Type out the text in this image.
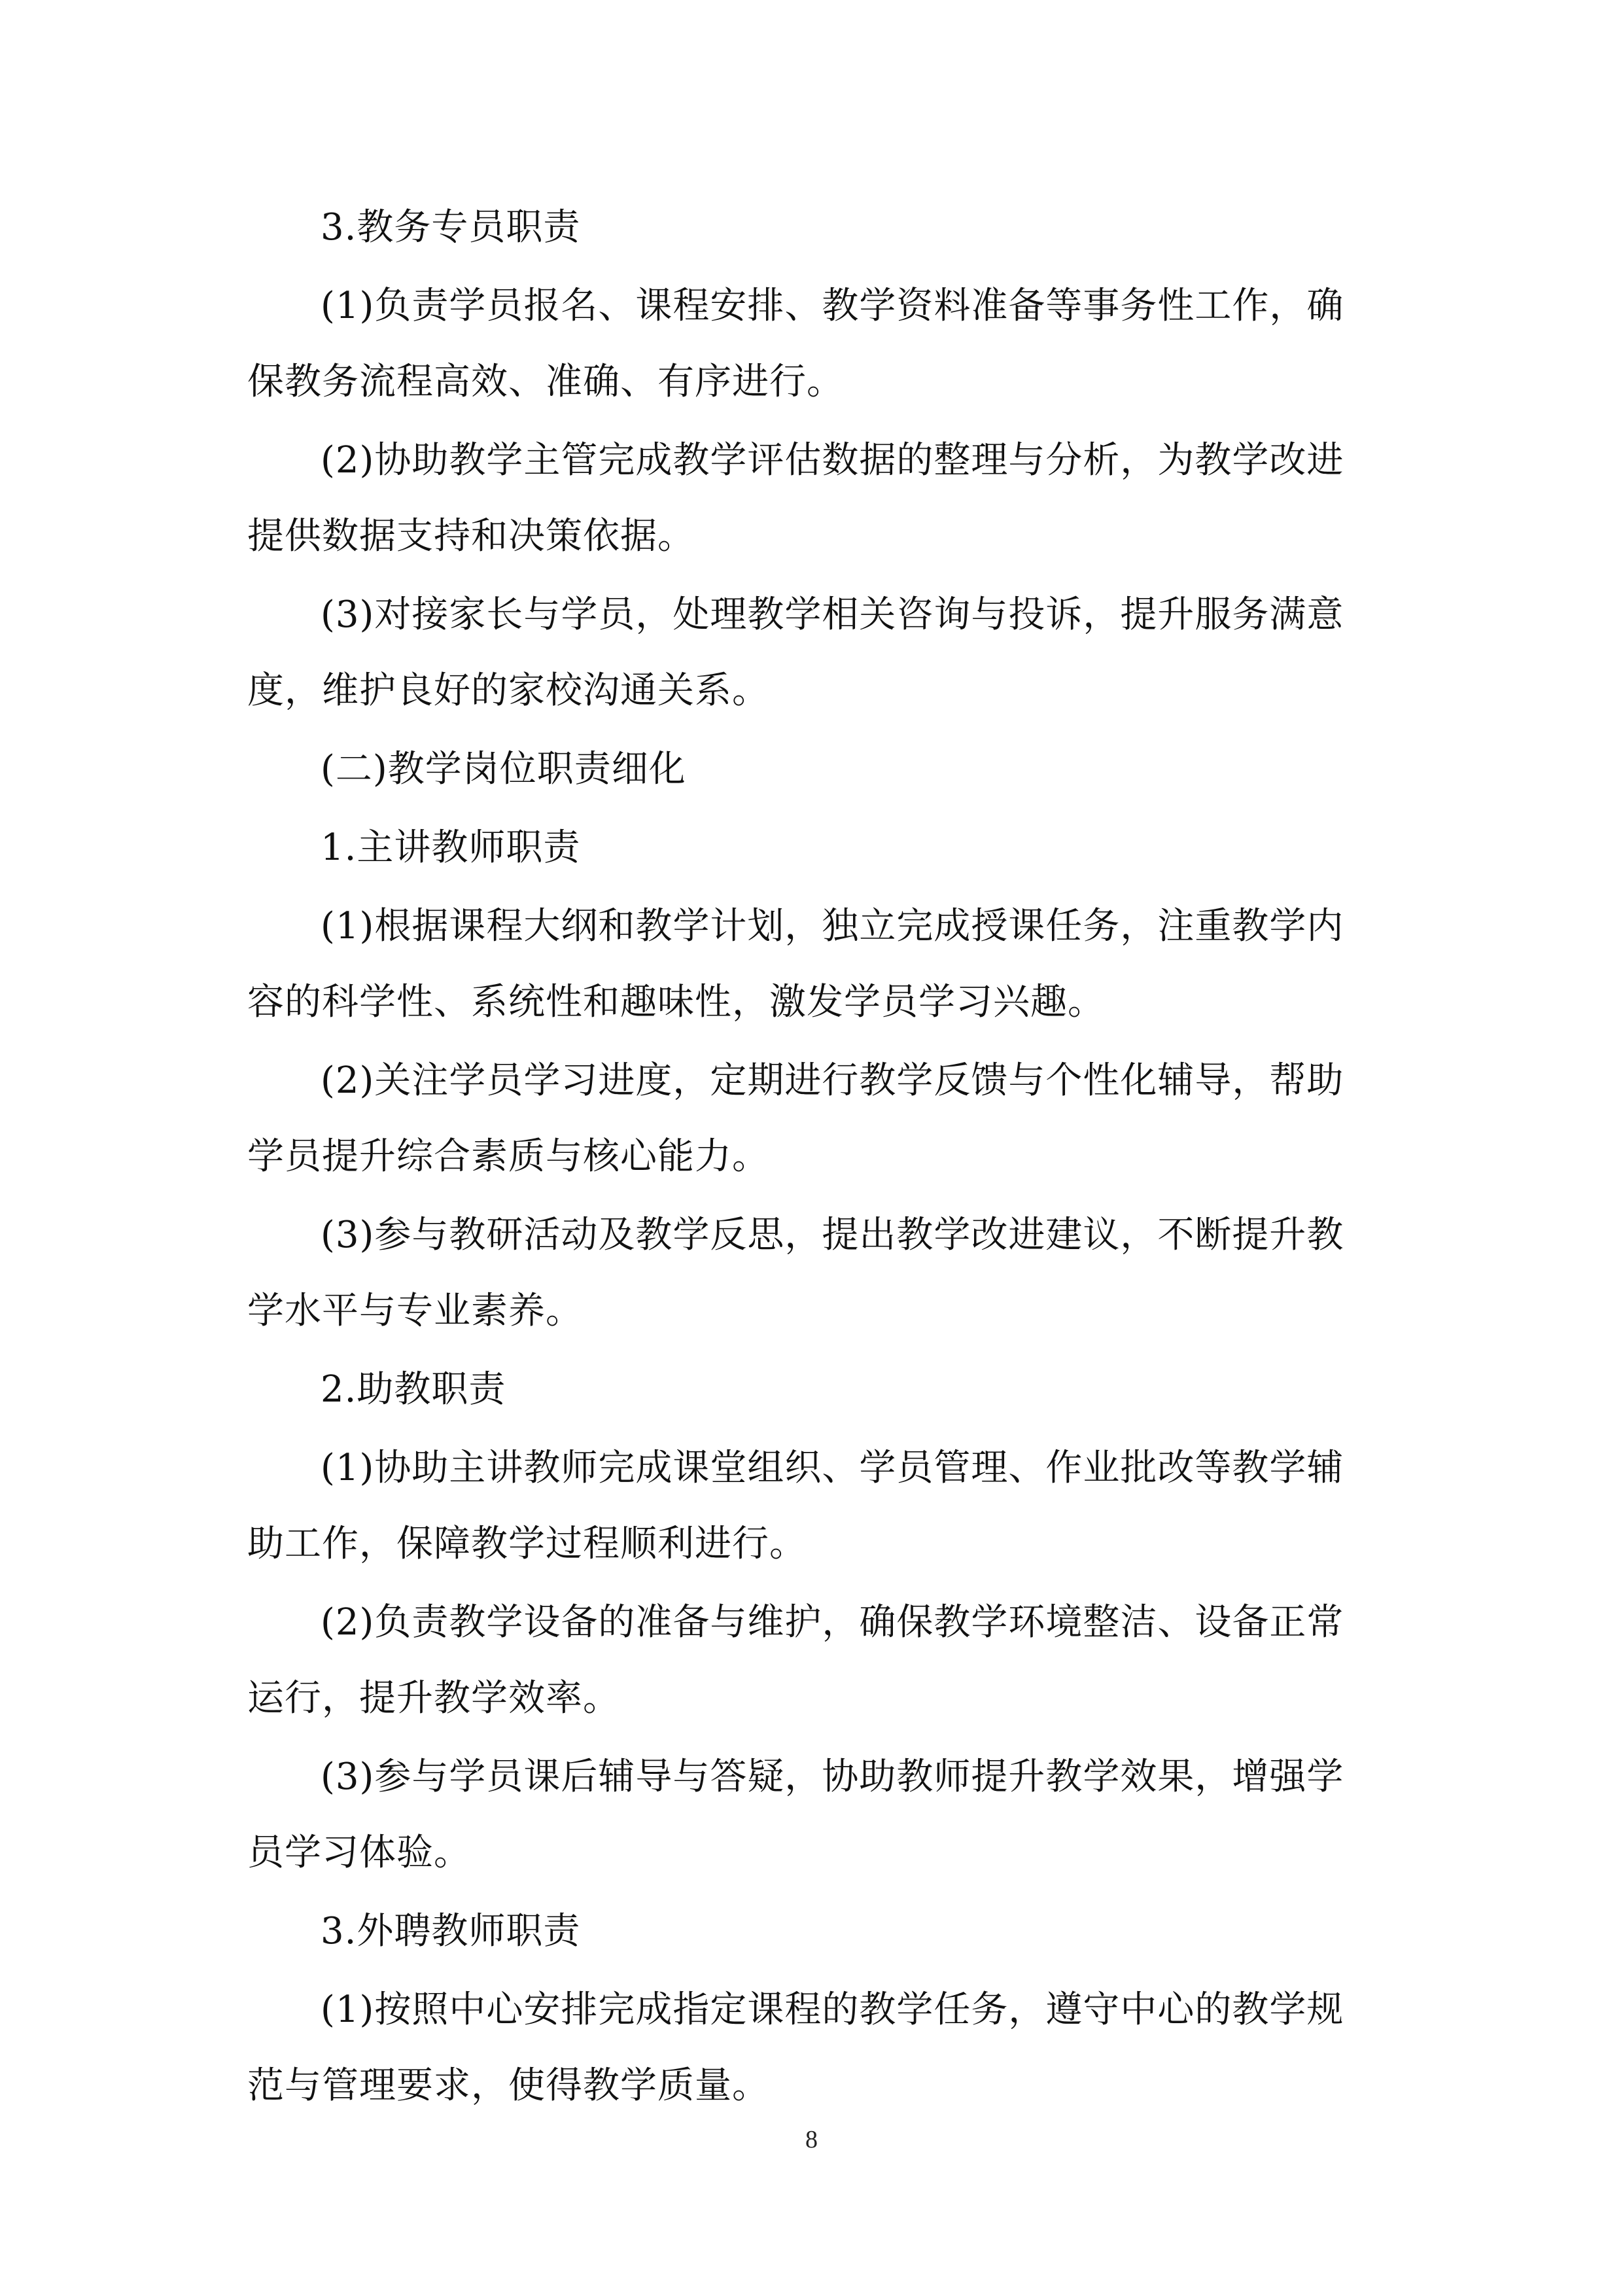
3.教务专员职责

(1)负责学员报名、课程安排、教学资料准备等事务性工作，确
保教务流程高效、准确、有序进行。

(2)协助教学主管完成教学评估数据的整理与分析，为教学改进
提供数据支持和决策依据。

(3)对接家长与学员，处理教学相关咨询与投诉，提升服务满意
度，维护良好的家校沟通关系。

(二)教学岗位职责细化

1.主讲教师职责

(1)根据课程大纲和教学计划，独立完成授课任务，注重教学内
容的科学性、系统性和趣味性，激发学员学习兴趣。

(2)关注学员学习进度，定期进行教学反馈与个性化辅导，帮助
学员提升综合素质与核心能力。

(3)参与教研活动及教学反思，提出教学改进建议，不断提升教
学水平与专业素养。

2.助教职责

(1)协助主讲教师完成课堂组织、学员管理、作业批改等教学辅
助工作，保障教学过程顺利进行。

(2)负责教学设备的准备与维护，确保教学环境整洁、设备正常
运行，提升教学效率。

(3)参与学员课后辅导与答疑，协助教师提升教学效果，增强学
员学习体验。

3.外聘教师职责

(1)按照中心安排完成指定课程的教学任务，遵守中心的教学规
范与管理要求，使得教学质量。

8
